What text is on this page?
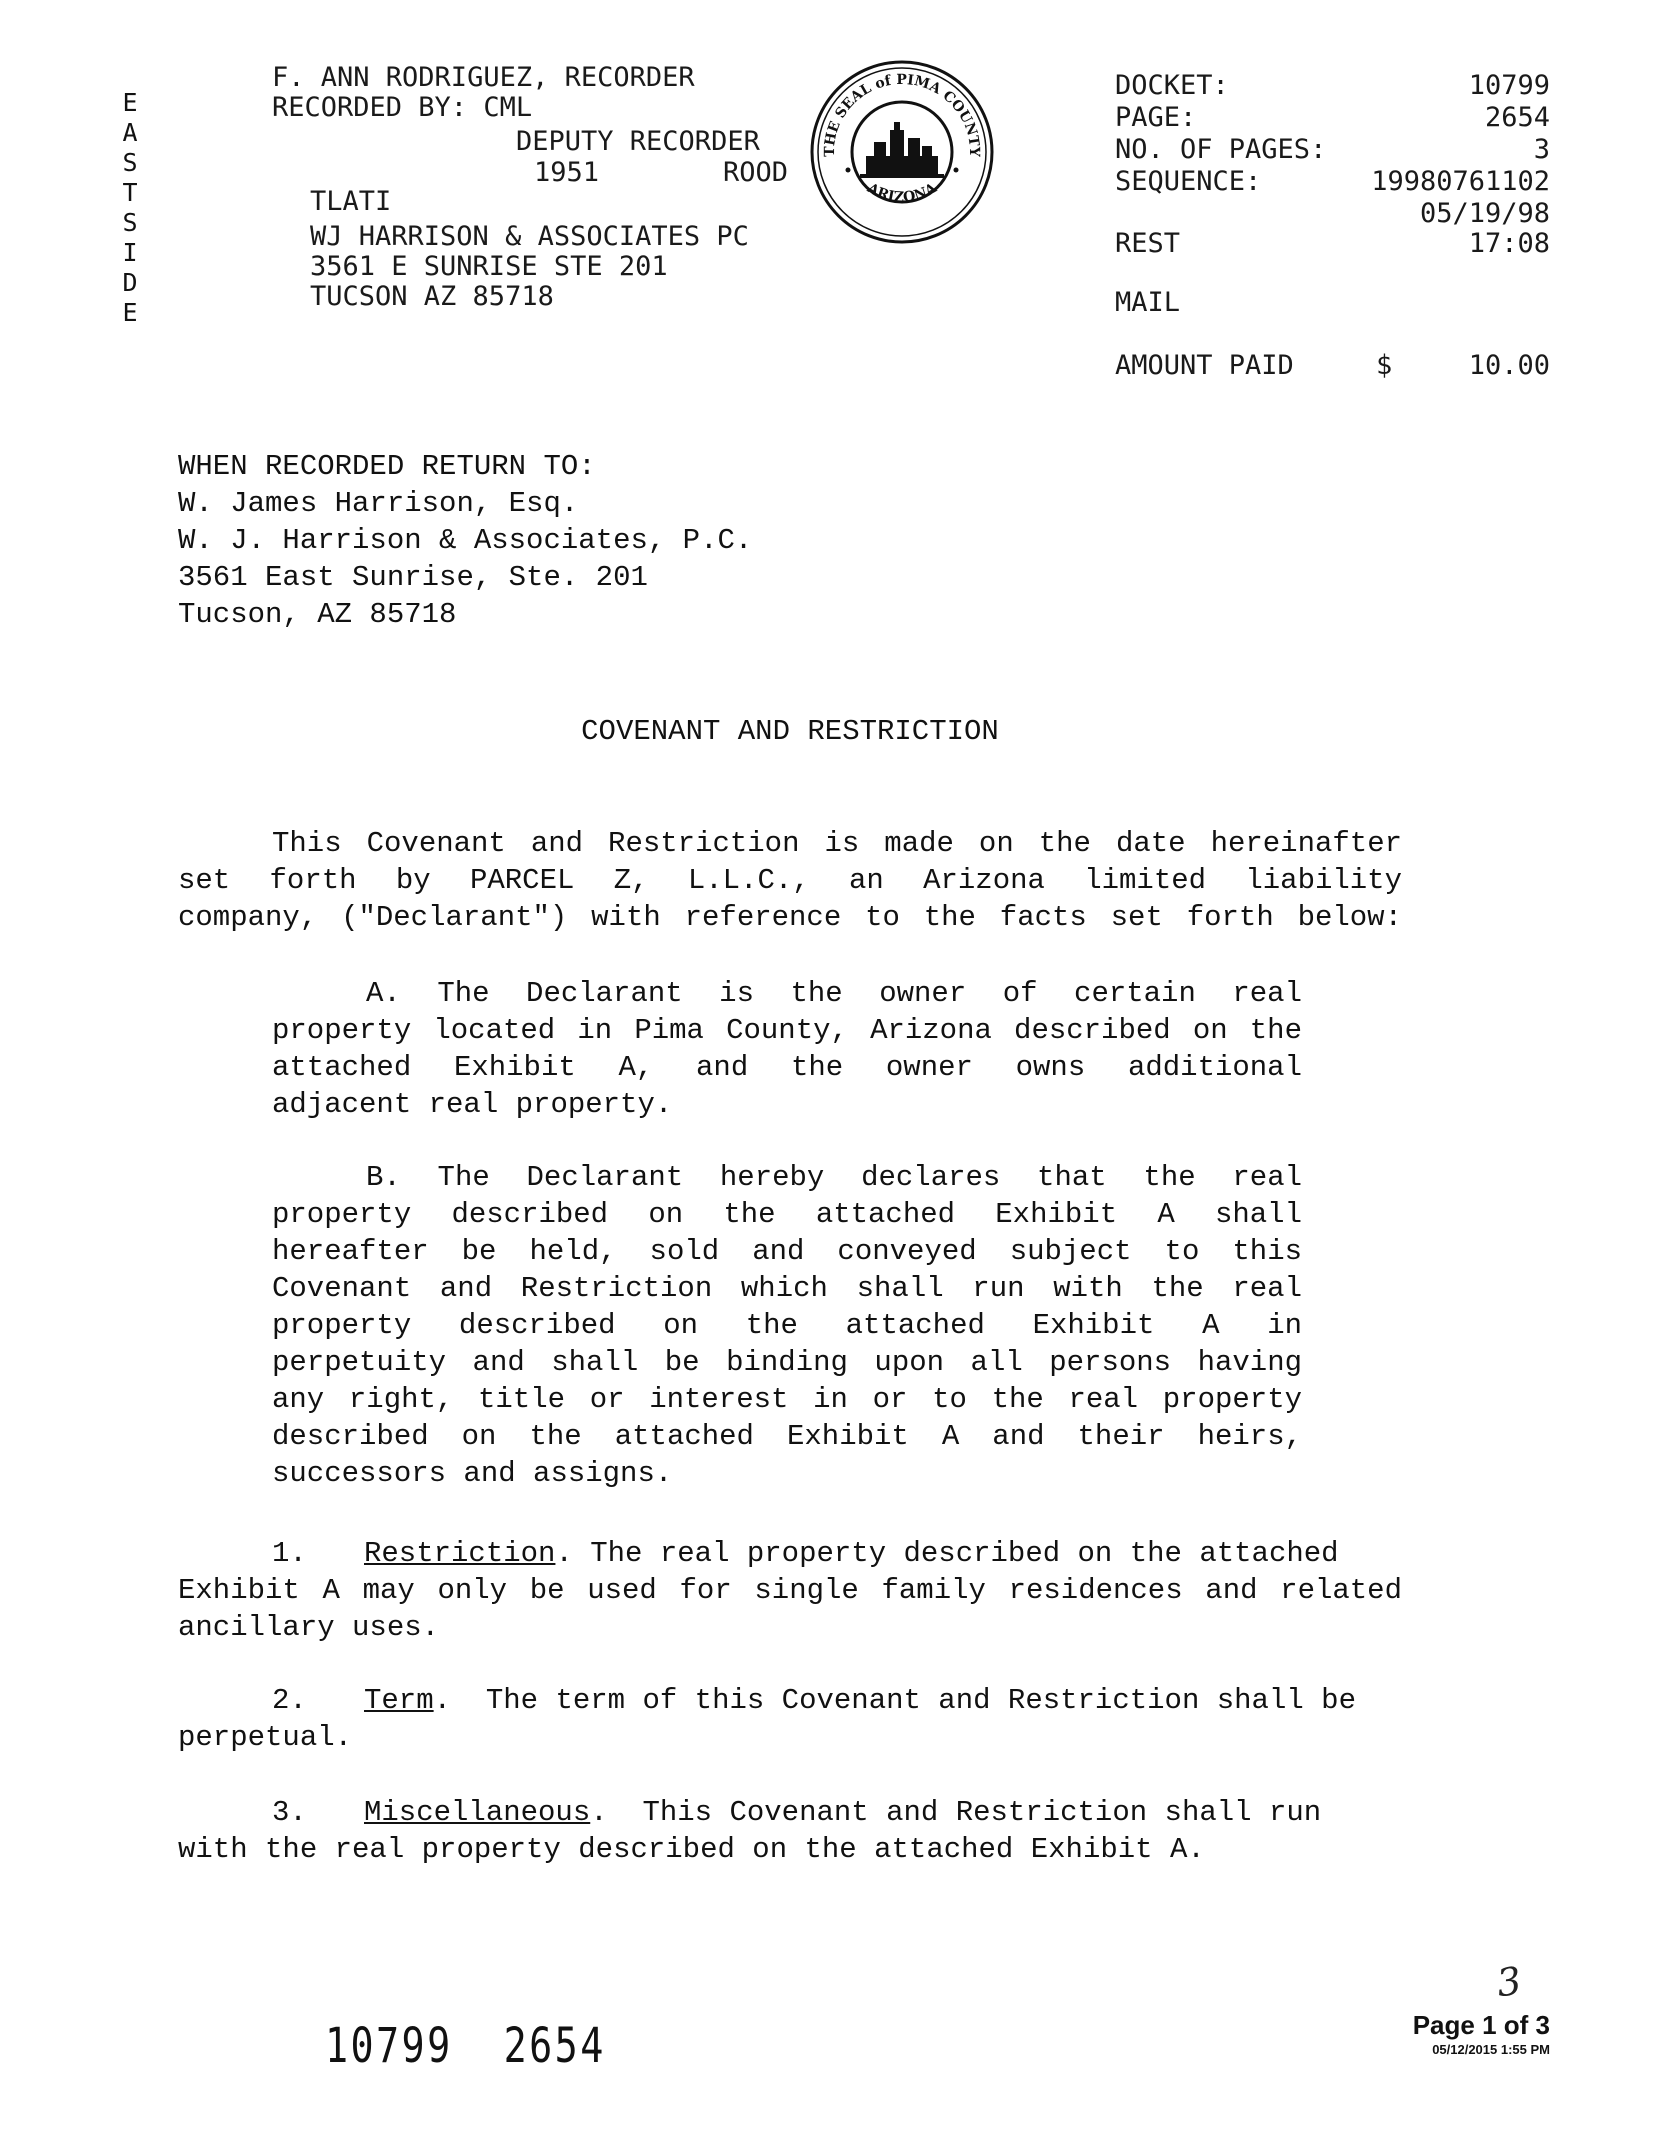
E
A
S
T
S
I
D
E
F. ANN RODRIGUEZ, RECORDER
RECORDED BY: CML
DEPUTY RECORDER
1951	ROOD
TLATI
WJ HARRISON & ASSOCIATES PC
3561 E SUNRISE STE 201
TUCSON AZ 85718
THE SEAL of PIMA COUNTY
ARIZONA
DOCKET:	10799
PAGE:	2654
NO. OF PAGES:	3
SEQUENCE:	19980761102
05/19/98
REST	17:08
MAIL
AMOUNT PAID	$	10.00
WHEN RECORDED RETURN TO:
W. James Harrison, Esq.
W. J. Harrison & Associates, P.C.
3561 East Sunrise, Ste. 201
Tucson, AZ 85718
COVENANT AND RESTRICTION
This Covenant and Restriction is made on the date hereinafter
set forth by PARCEL Z, L.L.C., an Arizona limited liability
company, ("Declarant") with reference to the facts set forth below:
A. The Declarant is the owner of certain real
property located in Pima County, Arizona described on the
attached Exhibit A, and the owner owns additional
adjacent real property.
B. The Declarant hereby declares that the real
property described on the attached Exhibit A shall
hereafter be held, sold and conveyed subject to this
Covenant and Restriction which shall run with the real
property described on the attached Exhibit A in
perpetuity and shall be binding upon all persons having
any right, title or interest in or to the real property
described on the attached Exhibit A and their heirs,
successors and assigns.
1.	Restriction . The real property described on the attached
Exhibit A may only be used for single family residences and related
ancillary uses.
2.	Term .  The term of this Covenant and Restriction shall be
perpetual.
3.	Miscellaneous .  This Covenant and Restriction shall run
with the real property described on the attached Exhibit A.
10799  2654
3
Page 1 of 3
05/12/2015 1:55 PM
